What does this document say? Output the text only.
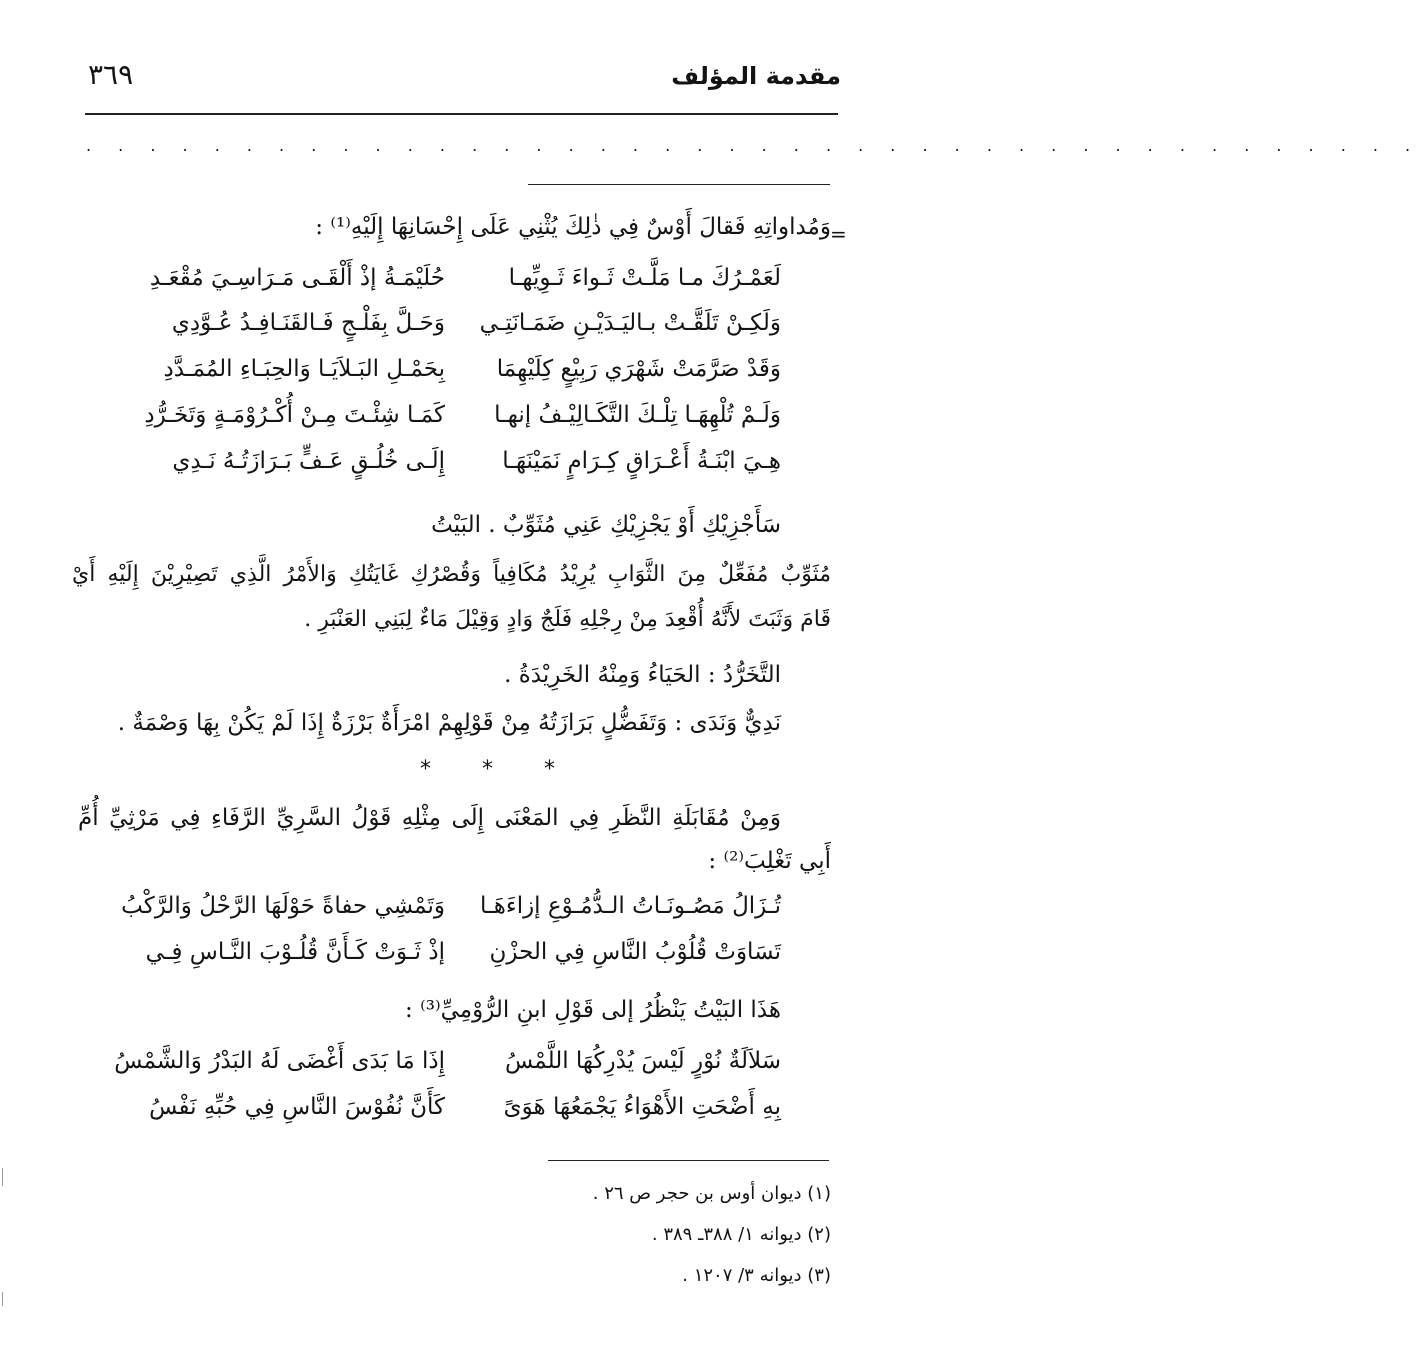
مقدمة المؤلف
٣٦٩
. . . . . . . . . . . . . . . . . . . . . . . . . . . . . . . . . . . . . . . . . .
=
وَمُداواتِهِ فَقالَ أَوْسٌ فِي ذٰلِكَ يُثْنِي عَلَى إِحْسَانِهَا إِلَيْهِ⁽¹⁾ :
لَعَمْـرُكَ مـا مَلَّـتْ ثَـواءَ ثَـوِيِّهـا
حُلَيْمَـةُ إذْ أَلْقَـى مَـرَاسِـيَ مُقْعَـدِ
وَلَكِـنْ تَلَقَّـتْ بـاليَـدَيْـنِ ضَمَـانَتِـي
وَحَـلَّ بِفَلْـجٍ فَـالقَنَـافِـدُ عُـوَّدِي
وَقَدْ صَرَّمَتْ شَهْرَي رَبِيْعٍ كِلَيْهِمَا
بِحَمْـلِ البَـلاَيَـا وَالحِبَـاءِ المُمَـدَّدِ
وَلَـمْ تُلْهِهَـا تِلْـكَ التَّكَـالِيْـفُ إنهـا
كَمَـا شِئْـتَ مِـنْ أُكْـرُوْمَـةٍ وَتَخَـرُّدِ
هِـيَ ابْنَـةُ أَعْـرَاقٍ كِـرَامٍ نَمَيْنَهَـا
إِلَـى خُلُـقٍ عَـفٍّ بَـرَازَتُـهُ نَـدِي
سَأَجْزِيْكِ أَوْ يَجْزِيْكِ عَنِي مُثَوِّبٌ . البَيْتُ
مُثَوِّبٌ مُفَعِّلٌ مِنَ الثَّوَابِ يُرِيْدُ مُكَافِياً وَقُصْرُكِ غَايَتُكِ وَالأَمْرُ الَّذِي تَصِيْرِيْنَ إِلَيْهِ أَيْ
قَامَ وَثَبَتَ لأَنَّهُ أُقْعِدَ مِنْ رِجْلِهِ فَلَجٌ وَادٍ وَقِيْلَ مَاءٌ لِبَنِي العَنْبَرِ .
التَّخَرُّدُ : الحَيَاءُ وَمِنْهُ الخَرِيْدَةُ .
نَدِيٌّ وَنَدَى : وَتَفَضُّلٍ بَرَازَتُهُ مِنْ قَوْلِهِمْ امْرَأَةٌ بَرْزَةٌ إِذَا لَمْ يَكُنْ بِهَا وَصْمَةٌ .
* * *
وَمِنْ مُقَابَلَةِ النَّظَرِ فِي المَعْنَى إِلَى مِثْلِهِ قَوْلُ السَّرِيِّ الرَّفَاءِ فِي مَرْثِيِّ أُمِّ
أَبِي تَغْلِبَ⁽²⁾ :
تُـزَالُ مَصُـونَـاتُ الـدُّمُـوْعِ إزاءَهَـا
وَتَمْشِي حفاةً حَوْلَهَا الرَّحْلُ وَالرَّكْبُ
تَسَاوَتْ قُلُوْبُ النَّاسِ فِي الحزْنِ
إذْ ثَـوَتْ كَـأَنَّ قُلُـوْبَ النَّـاسِ فِـي
هَذَا البَيْتُ يَنْظُرُ إلى قَوْلِ ابنِ الرُّوْمِيِّ⁽³⁾ :
سَلاَلَةٌ نُوْرٍ لَيْسَ يُدْرِكُهَا اللَّمْسُ
إِذَا مَا بَدَى أَغْضَى لَهُ البَدْرُ وَالشَّمْسُ
بِهِ أَضْحَتِ الأَهْوَاءُ يَجْمَعُهَا هَوَىً
كَأَنَّ نُفُوْسَ النَّاسِ فِي حُبِّهِ نَفْسُ
(١) ديوان أوس بن حجر ص ٢٦ .
(٢) ديوانه ١/ ٣٨٨ـ ٣٨٩ .
(٣) ديوانه ٣/ ١٢٠٧ .
